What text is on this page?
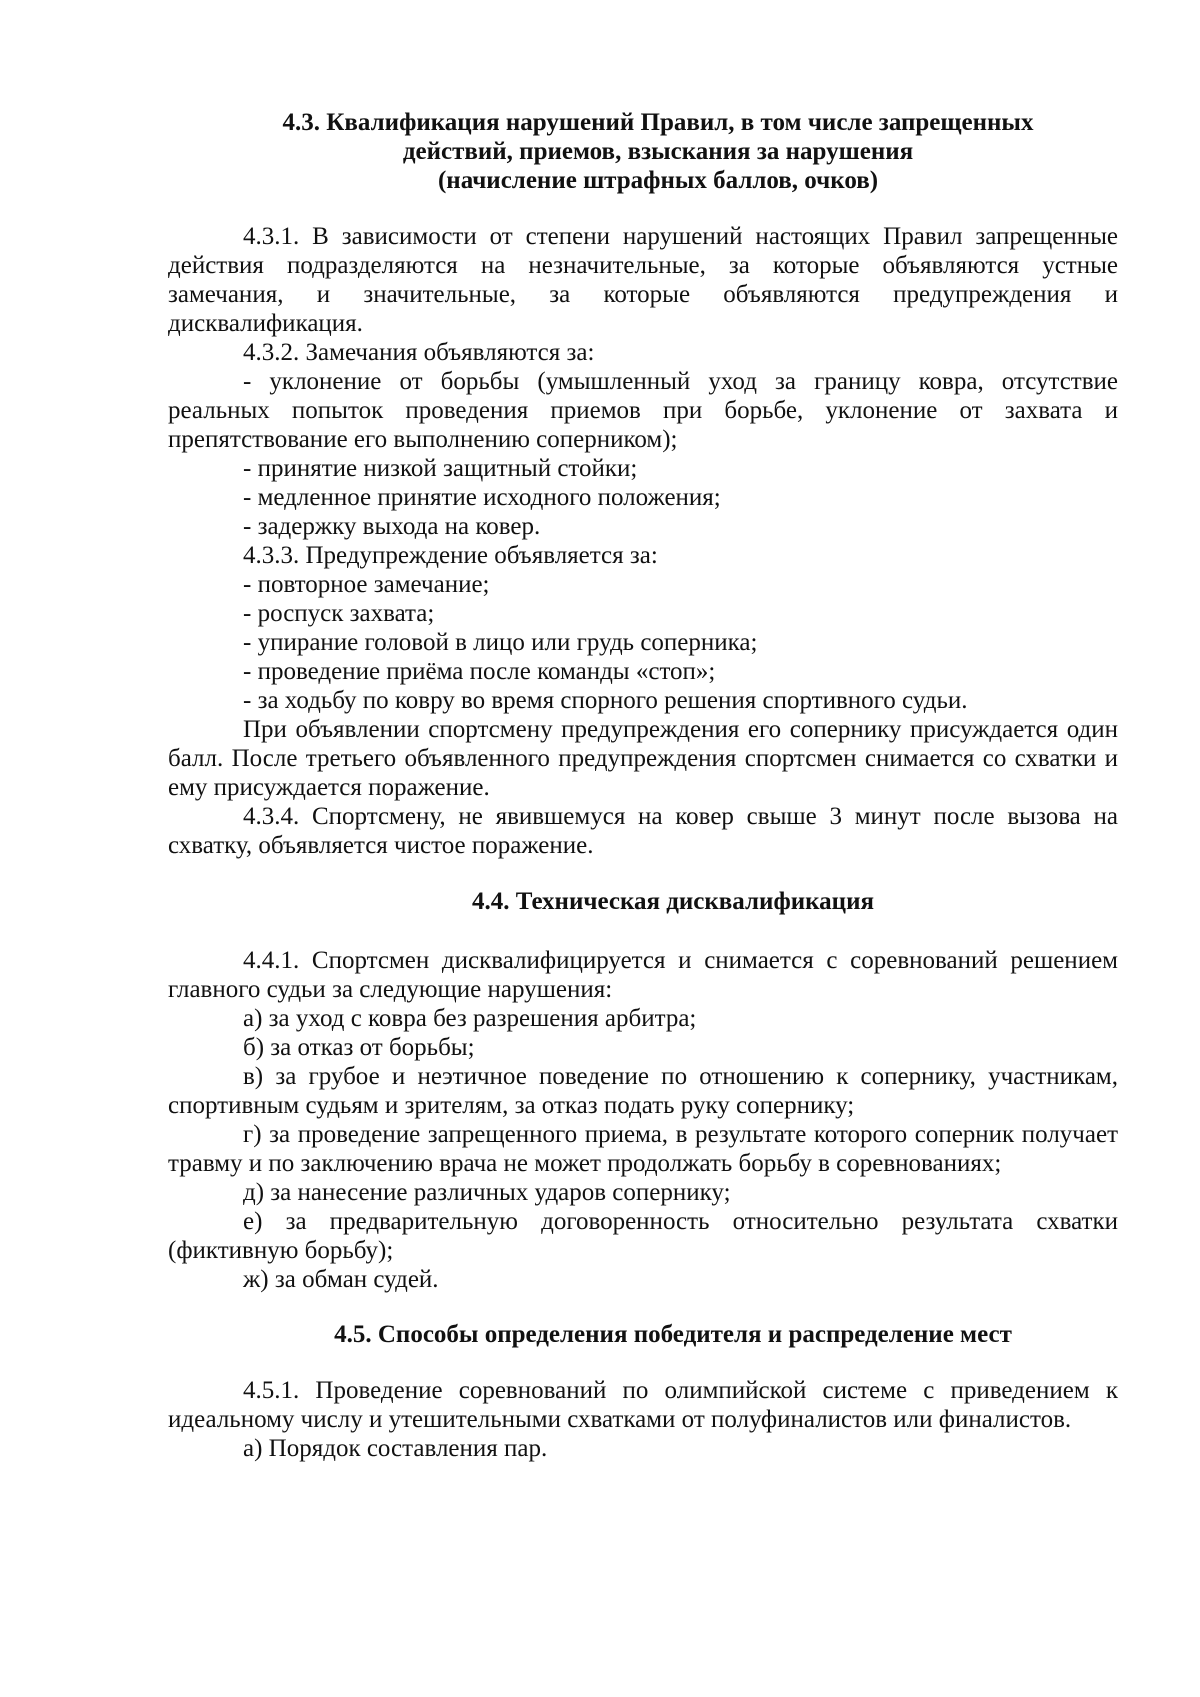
4.3. Квалификация нарушений Правил, в том числе запрещенных
действий, приемов, взыскания за нарушения
(начисление штрафных баллов, очков)

4.3.1. В зависимости от степени нарушений настоящих Правил запрещенные действия подразделяются на незначительные, за которые объявляются устные замечания, и значительные, за которые объявляются предупреждения и дисквалификация.

4.3.2. Замечания объявляются за:

- уклонение от борьбы (умышленный уход за границу ковра, отсутствие реальных попыток проведения приемов при борьбе, уклонение от захвата и препятствование его выполнению соперником);

- принятие низкой защитный стойки;

- медленное принятие исходного положения;

- задержку выхода на ковер.

4.3.3. Предупреждение объявляется за:

- повторное замечание;

- роспуск захвата;

- упирание головой в лицо или грудь соперника;

- проведение приёма после команды «стоп»;

- за ходьбу по ковру во время спорного решения спортивного судьи.

При объявлении спортсмену предупреждения его сопернику присуждается один балл. После третьего объявленного предупреждения спортсмен снимается со схватки и ему присуждается поражение.

4.3.4. Спортсмену, не явившемуся на ковер свыше 3 минут после вызова на схватку, объявляется чистое поражение.

4.4. Техническая дисквалификация

4.4.1. Спортсмен дисквалифицируется и снимается с соревнований решением главного судьи за следующие нарушения:

а) за уход с ковра без разрешения арбитра;

б) за отказ от борьбы;

в) за грубое и неэтичное поведение по отношению к сопернику, участникам, спортивным судьям и зрителям, за отказ подать руку сопернику;

г) за проведение запрещенного приема, в результате которого соперник получает травму и по заключению врача не может продолжать борьбу в соревнованиях;

д) за нанесение различных ударов сопернику;

е) за предварительную договоренность относительно результата схватки (фиктивную борьбу);

ж) за обман судей.

4.5. Способы определения победителя и распределение мест

4.5.1. Проведение соревнований по олимпийской системе с приведением к идеальному числу и утешительными схватками от полуфиналистов или финалистов.

а) Порядок составления пар.
